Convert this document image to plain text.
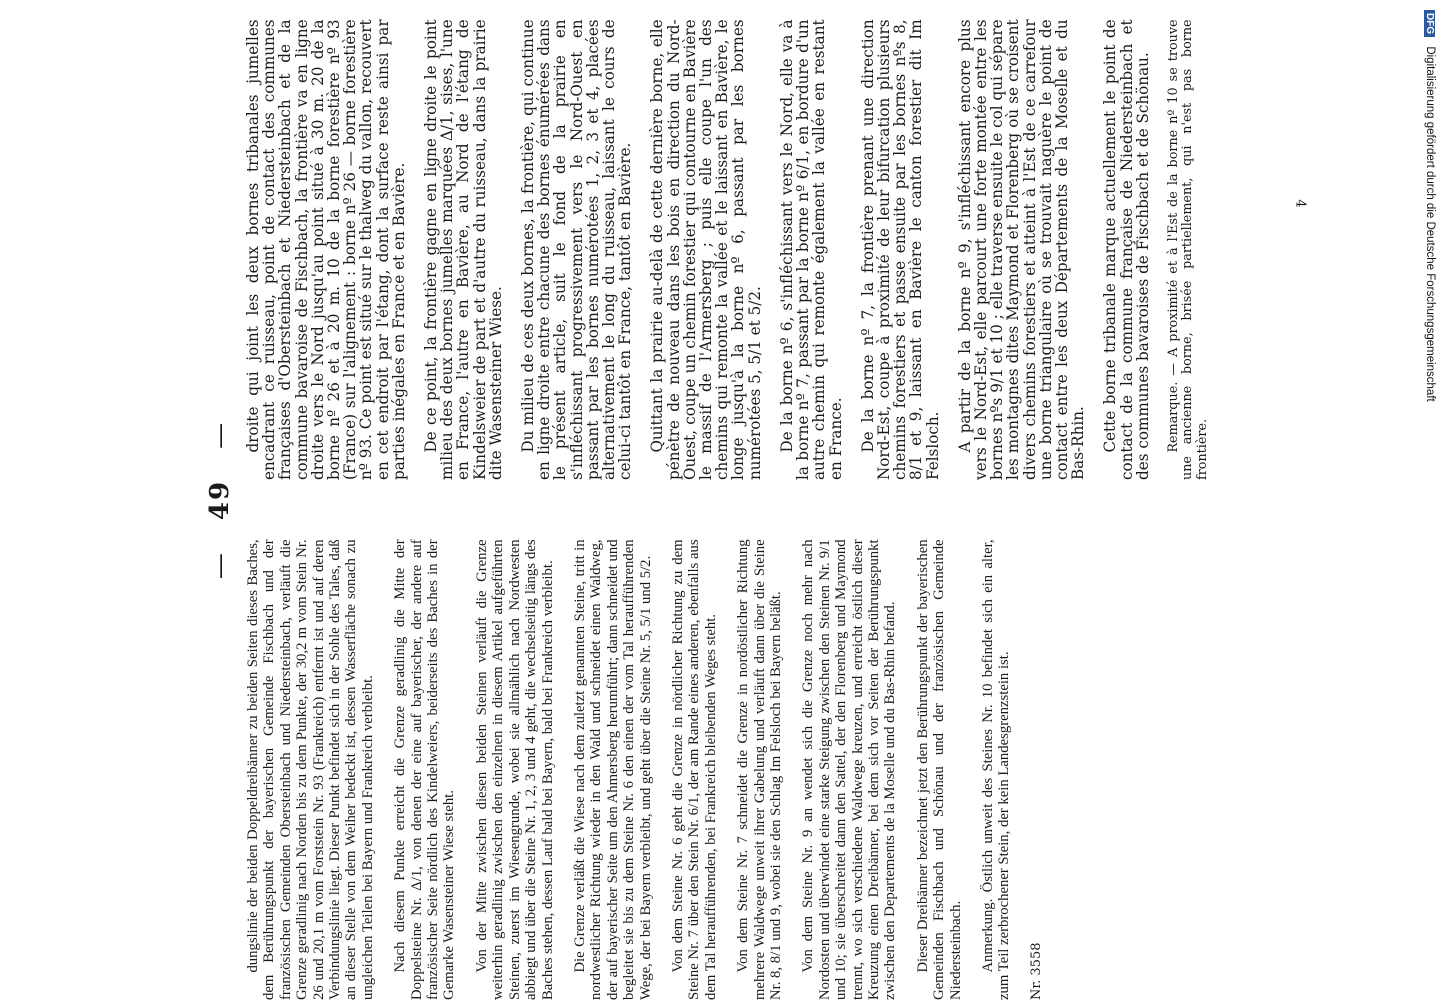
— 49 —

dungslinie der beiden Doppeldreibänner zu beiden Seiten dieses Baches, dem Berührungspunkt der bayerischen Gemeinde Fischbach und der französischen Gemeinden Obersteinbach und Niedersteinbach, verläuft die Grenze geradlinig nach Norden bis zu dem Punkte, der 30,2 m vom Stein Nr. 26 und 20,1 m vom Forststein Nr. 93 (Frankreich) entfernt ist und auf deren Verbindungslinie liegt. Dieser Punkt befindet sich in der Sohle des Tales, daß an dieser Stelle von dem Weiher bedeckt ist, dessen Wasserfläche sonach zu ungleichen Teilen bei Bayern und Frankreich verbleibt. Nach diesem Punkte erreicht die Grenze geradlinig die Mitte der Doppelsteine Nr. Δ/1, von denen der eine auf bayerischer, der andere auf französischer Seite nördlich des Kindelweiers, beiderseits des Baches in der Gemarke Wasensteiner Wiese steht. Von der Mitte zwischen diesen beiden Steinen verläuft die Grenze weiterhin geradlinig zwischen den einzelnen in diesem Artikel aufgeführten Steinen, zuerst im Wiesengrunde, wobei sie allmählich nach Nordwesten abbiegt und über die Steine Nr. 1, 2, 3 und 4 geht, die wechselseitig längs des Baches stehen, dessen Lauf bald bei Bayern, bald bei Frankreich verbleibt. Die Grenze verläßt die Wiese nach dem zuletzt genannten Steine, tritt in nordwestlicher Richtung wieder in den Wald und schneidet einen Waldweg, der auf bayerischer Seite um den Ahmersberg herumführt; dann schneidet und begleitet sie bis zu dem Steine Nr. 6 den einen der vom Tal heraufführenden Wege, der bei Bayern verbleibt, und geht über die Steine Nr. 5, 5/1 und 5/2. Von dem Steine Nr. 6 geht die Grenze in nördlicher Richtung zu dem Steine Nr. 7 über den Stein Nr. 6/1, der am Rande eines anderen, ebenfalls aus dem Tal heraufführenden, bei Frankreich bleibenden Weges steht. Von dem Steine Nr. 7 schneidet die Grenze in nordöstlicher Richtung mehrere Waldwege unweit ihrer Gabelung und verläuft dann über die Steine Nr. 8, 8/1 und 9, wobei sie den Schlag Im Felsloch bei Bayern beläßt. Von dem Steine Nr. 9 an wendet sich die Grenze noch mehr nach Nordosten und überwindet eine starke Steigung zwischen den Steinen Nr. 9/1 und 10; sie überschreitet dann den Sattel, der den Florenberg und Maymond trennt, wo sich verschiedene Waldwege kreuzen, und erreicht östlich dieser Kreuzung einen Dreibänner, bei dem sich vor Seiten der Berührungspunkt zwischen den Departements de la Moselle und du Bas-Rhin befand. Dieser Dreibänner bezeichnet jetzt den Berührungspunkt der bayerischen Gemeinden Fischbach und Schönau und der französischen Gemeinde Niedersteinbach. Anmerkung. Östlich unweit des Steines Nr. 10 befindet sich ein alter, zum Teil zerbrochener Stein, der kein Landesgrenzstein ist. Nr. 3558

droite qui joint les deux bornes tribanales jumelles encadrant ce ruisseau, point de contact des communes françaises d'Obersteinbach et Niedersteinbach et de la commune bavaroise de Fischbach, la frontière va en ligne droite vers le Nord jusqu'au point situé à 30 m. 20 de la borne nº 26 et à 20 m. 10 de la borne forestière nº 93 (France) sur l'alignement : borne nº 26 — borne forestière nº 93. Ce point est situé sur le thalweg du vallon, recouvert en cet endroit par l'étang, dont la surface reste ainsi par parties inégales en France et en Bavière. De ce point, la frontière gagne en ligne droite le point milieu des deux bornes jumelles marquées Δ/1, sises, l'une en France, l'autre en Bavière, au Nord de l'étang de Kindelsweier de part et d'autre du ruisseau, dans la prairie dite Wasensteiner Wiese. Du milieu de ces deux bornes, la frontière, qui continue en ligne droite entre chacune des bornes énumérées dans le présent article, suit le fond de la prairie en s'infléchissant progressivement vers le Nord-Ouest en passant par les bornes numérotées 1, 2, 3 et 4, placées alternativement le long du ruisseau, laissant le cours de celui-ci tantôt en France, tantôt en Bavière. Quittant la prairie au-delà de cette dernière borne, elle pénètre de nouveau dans les bois en direction du Nord-Ouest, coupe un chemin forestier qui contourne en Bavière le massif de l'Armersberg ; puis elle coupe l'un des chemins qui remonte la vallée et le laissant en Bavière, le longe jusqu'à la borne nº 6, passant par les bornes numérotées 5, 5/1 et 5/2. De la borne nº 6, s'infléchissant vers le Nord, elle va à la borne nº 7, passant par la borne nº 6/1, en bordure d'un autre chemin qui remonte également la vallée en restant en France. De la borne nº 7, la frontière prenant une direction Nord-Est, coupe à proximité de leur bifurcation plusieurs chemins forestiers et passe ensuite par les bornes nºs 8, 8/1 et 9, laissant en Bavière le canton forestier dit Im Felsloch. A partir de la borne nº 9, s'infléchissant encore plus vers le Nord-Est, elle parcourt une forte montée entre les bornes nºs 9/1 et 10 ; elle traverse ensuite le col qui sépare les montagnes dites Maymond et Florenberg où se croisent divers chemins forestiers et atteint à l'Est de ce carrefour une borne triangulaire où se trouvait naguère le point de contact entre les deux Départements de la Moselle et du Bas-Rhin. Cette borne tribanale marque actuellement le point de contact de la commune française de Niedersteinbach et des communes bavaroises de Fischbach et de Schönau. Remarque. — A proximité et à l'Est de la borne nº 10 se trouve une ancienne borne, brisée partiellement, qui n'est pas borne frontière.

4
DFG Digitalisierung gefördert durch die Deutsche Forschungsgemeinschaft
